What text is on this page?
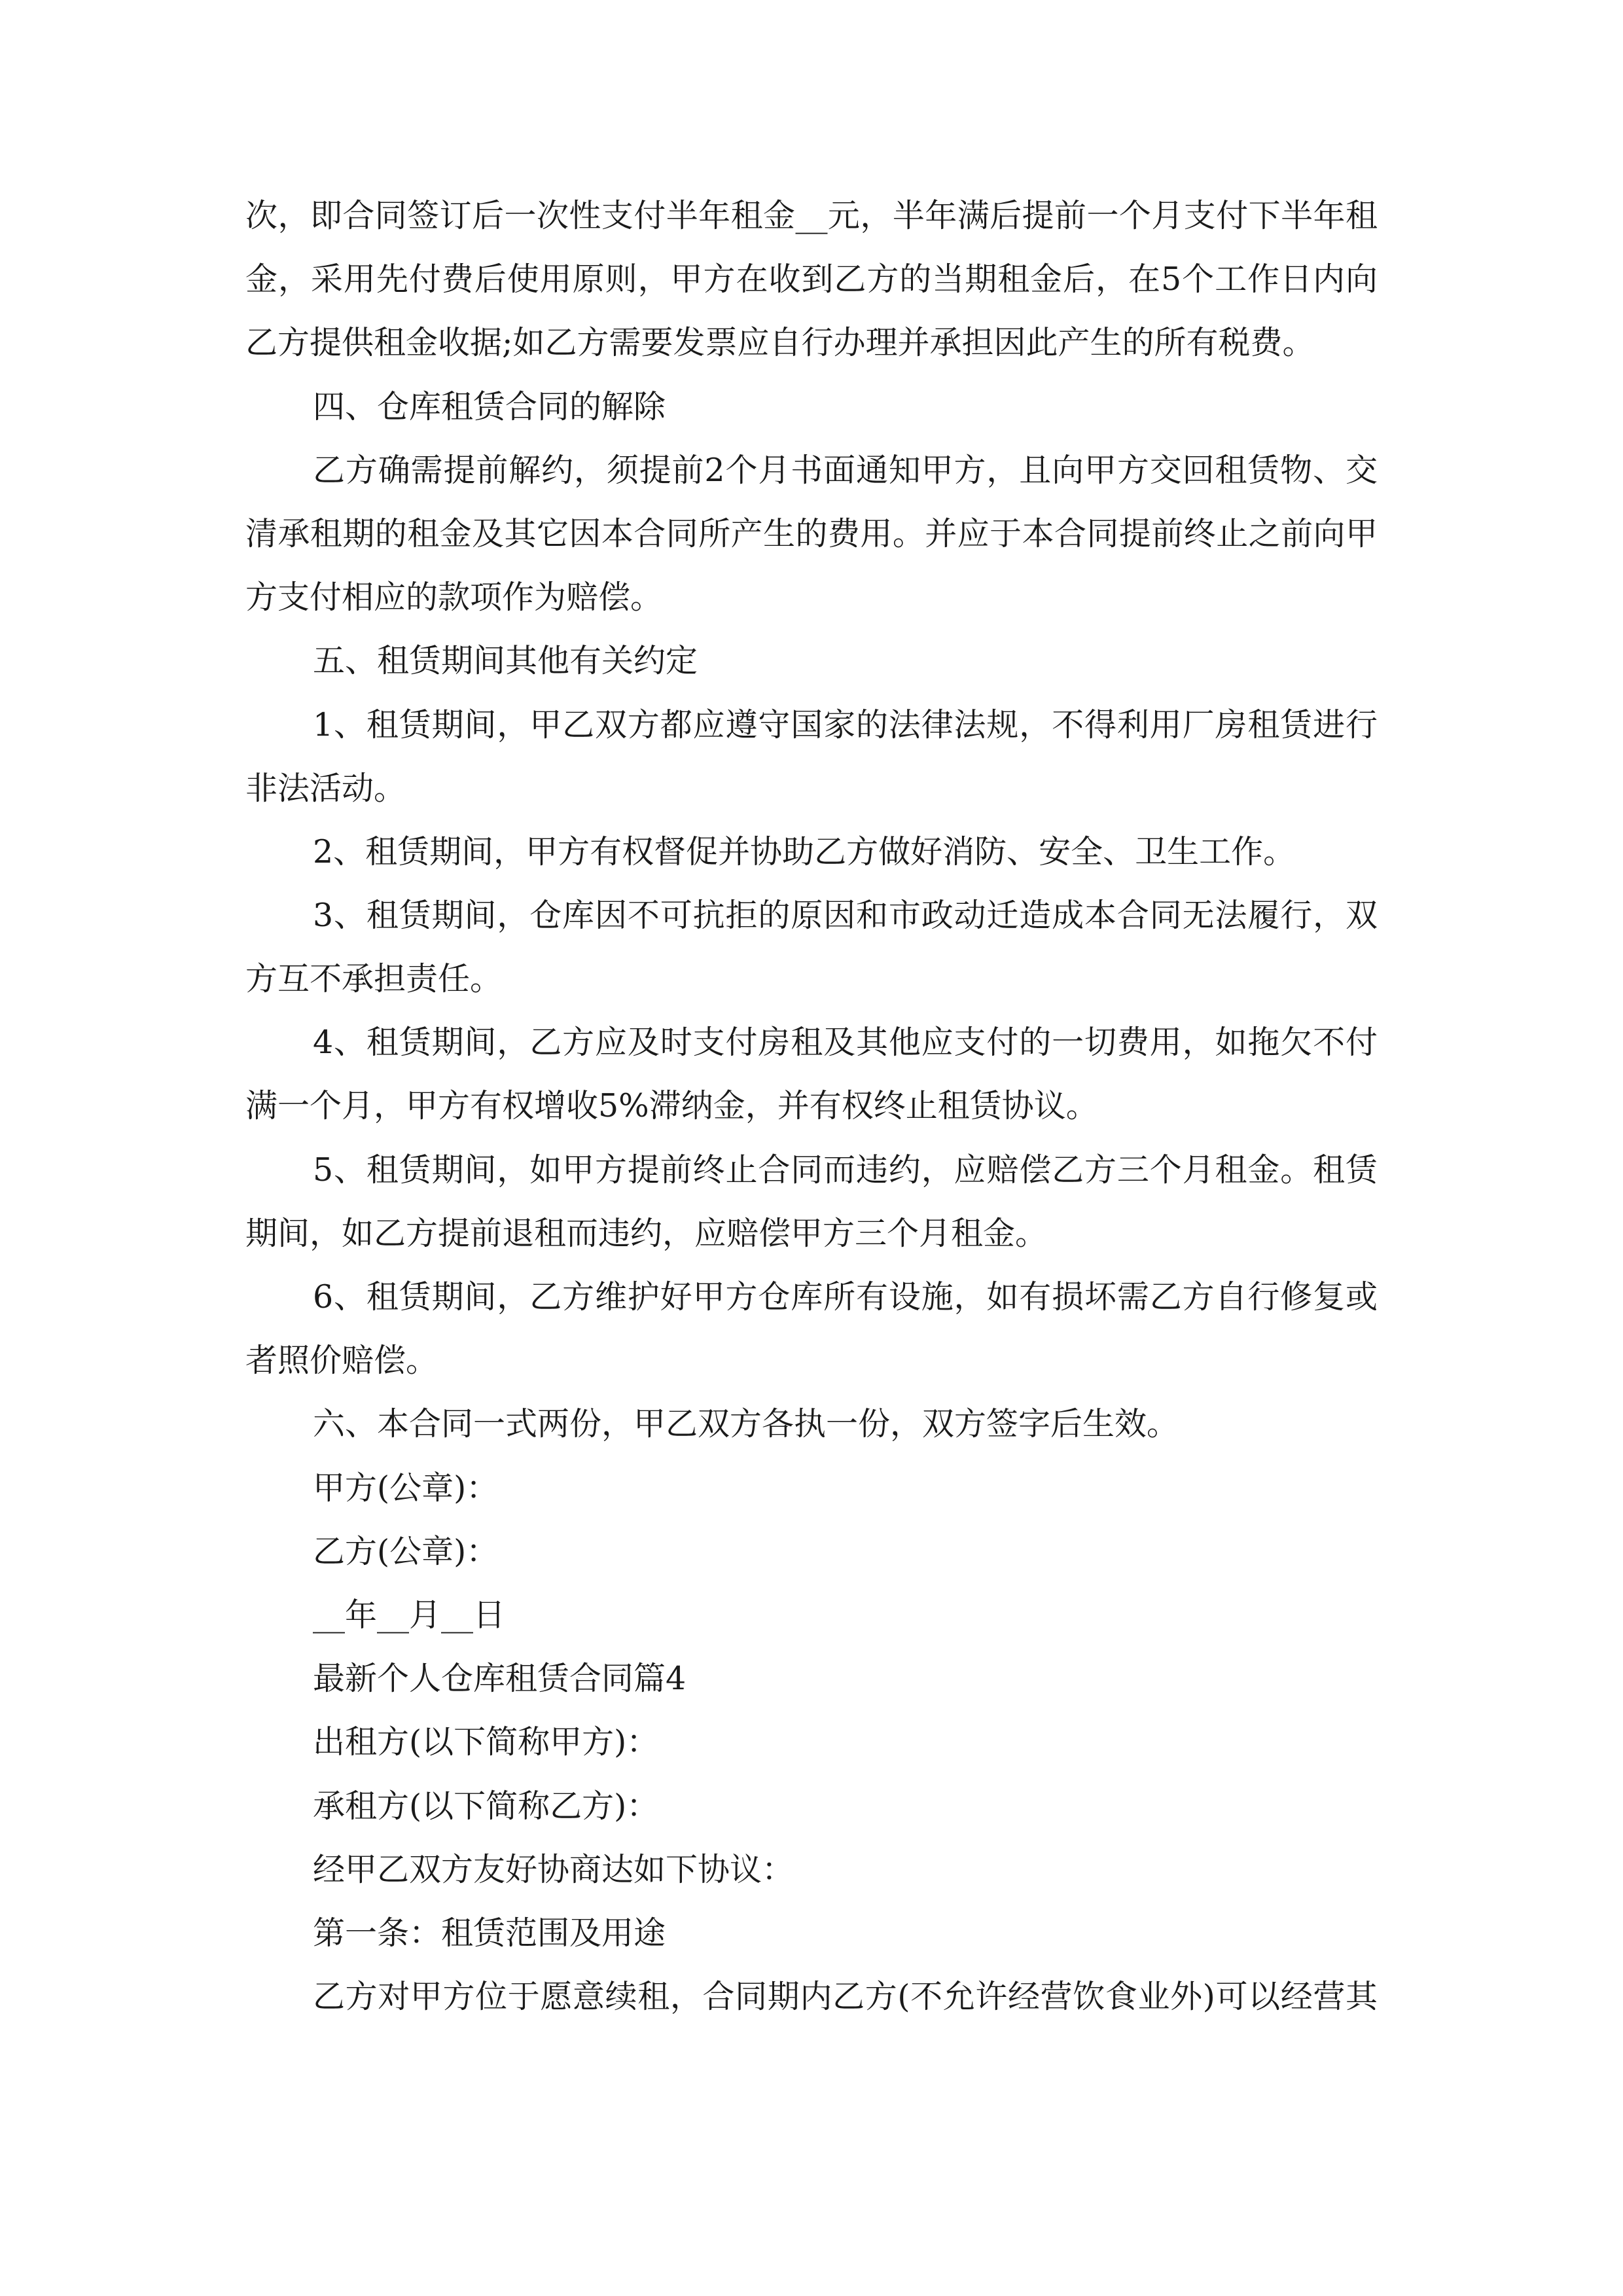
次，即合同签订后一次性支付半年租金__元，半年满后提前一个月支付下半年租
金，采用先付费后使用原则，甲方在收到乙方的当期租金后，在5个工作日内向
乙方提供租金收据;如乙方需要发票应自行办理并承担因此产生的所有税费。
四、仓库租赁合同的解除
乙方确需提前解约，须提前2个月书面通知甲方，且向甲方交回租赁物、交
清承租期的租金及其它因本合同所产生的费用。并应于本合同提前终止之前向甲
方支付相应的款项作为赔偿。
五、租赁期间其他有关约定
1、租赁期间，甲乙双方都应遵守国家的法律法规，不得利用厂房租赁进行
非法活动。
2、租赁期间，甲方有权督促并协助乙方做好消防、安全、卫生工作。
3、租赁期间，仓库因不可抗拒的原因和市政动迁造成本合同无法履行，双
方互不承担责任。
4、租赁期间，乙方应及时支付房租及其他应支付的一切费用，如拖欠不付
满一个月，甲方有权增收5%滞纳金，并有权终止租赁协议。
5、租赁期间，如甲方提前终止合同而违约，应赔偿乙方三个月租金。租赁
期间，如乙方提前退租而违约，应赔偿甲方三个月租金。
6、租赁期间，乙方维护好甲方仓库所有设施，如有损坏需乙方自行修复或
者照价赔偿。
六、本合同一式两份，甲乙双方各执一份，双方签字后生效。
甲方(公章)：
乙方(公章)：
__年__月__日
最新个人仓库租赁合同篇4
出租方(以下简称甲方)：
承租方(以下简称乙方)：
经甲乙双方友好协商达如下协议：
第一条：租赁范围及用途
乙方对甲方位于愿意续租，合同期内乙方(不允许经营饮食业外)可以经营其
